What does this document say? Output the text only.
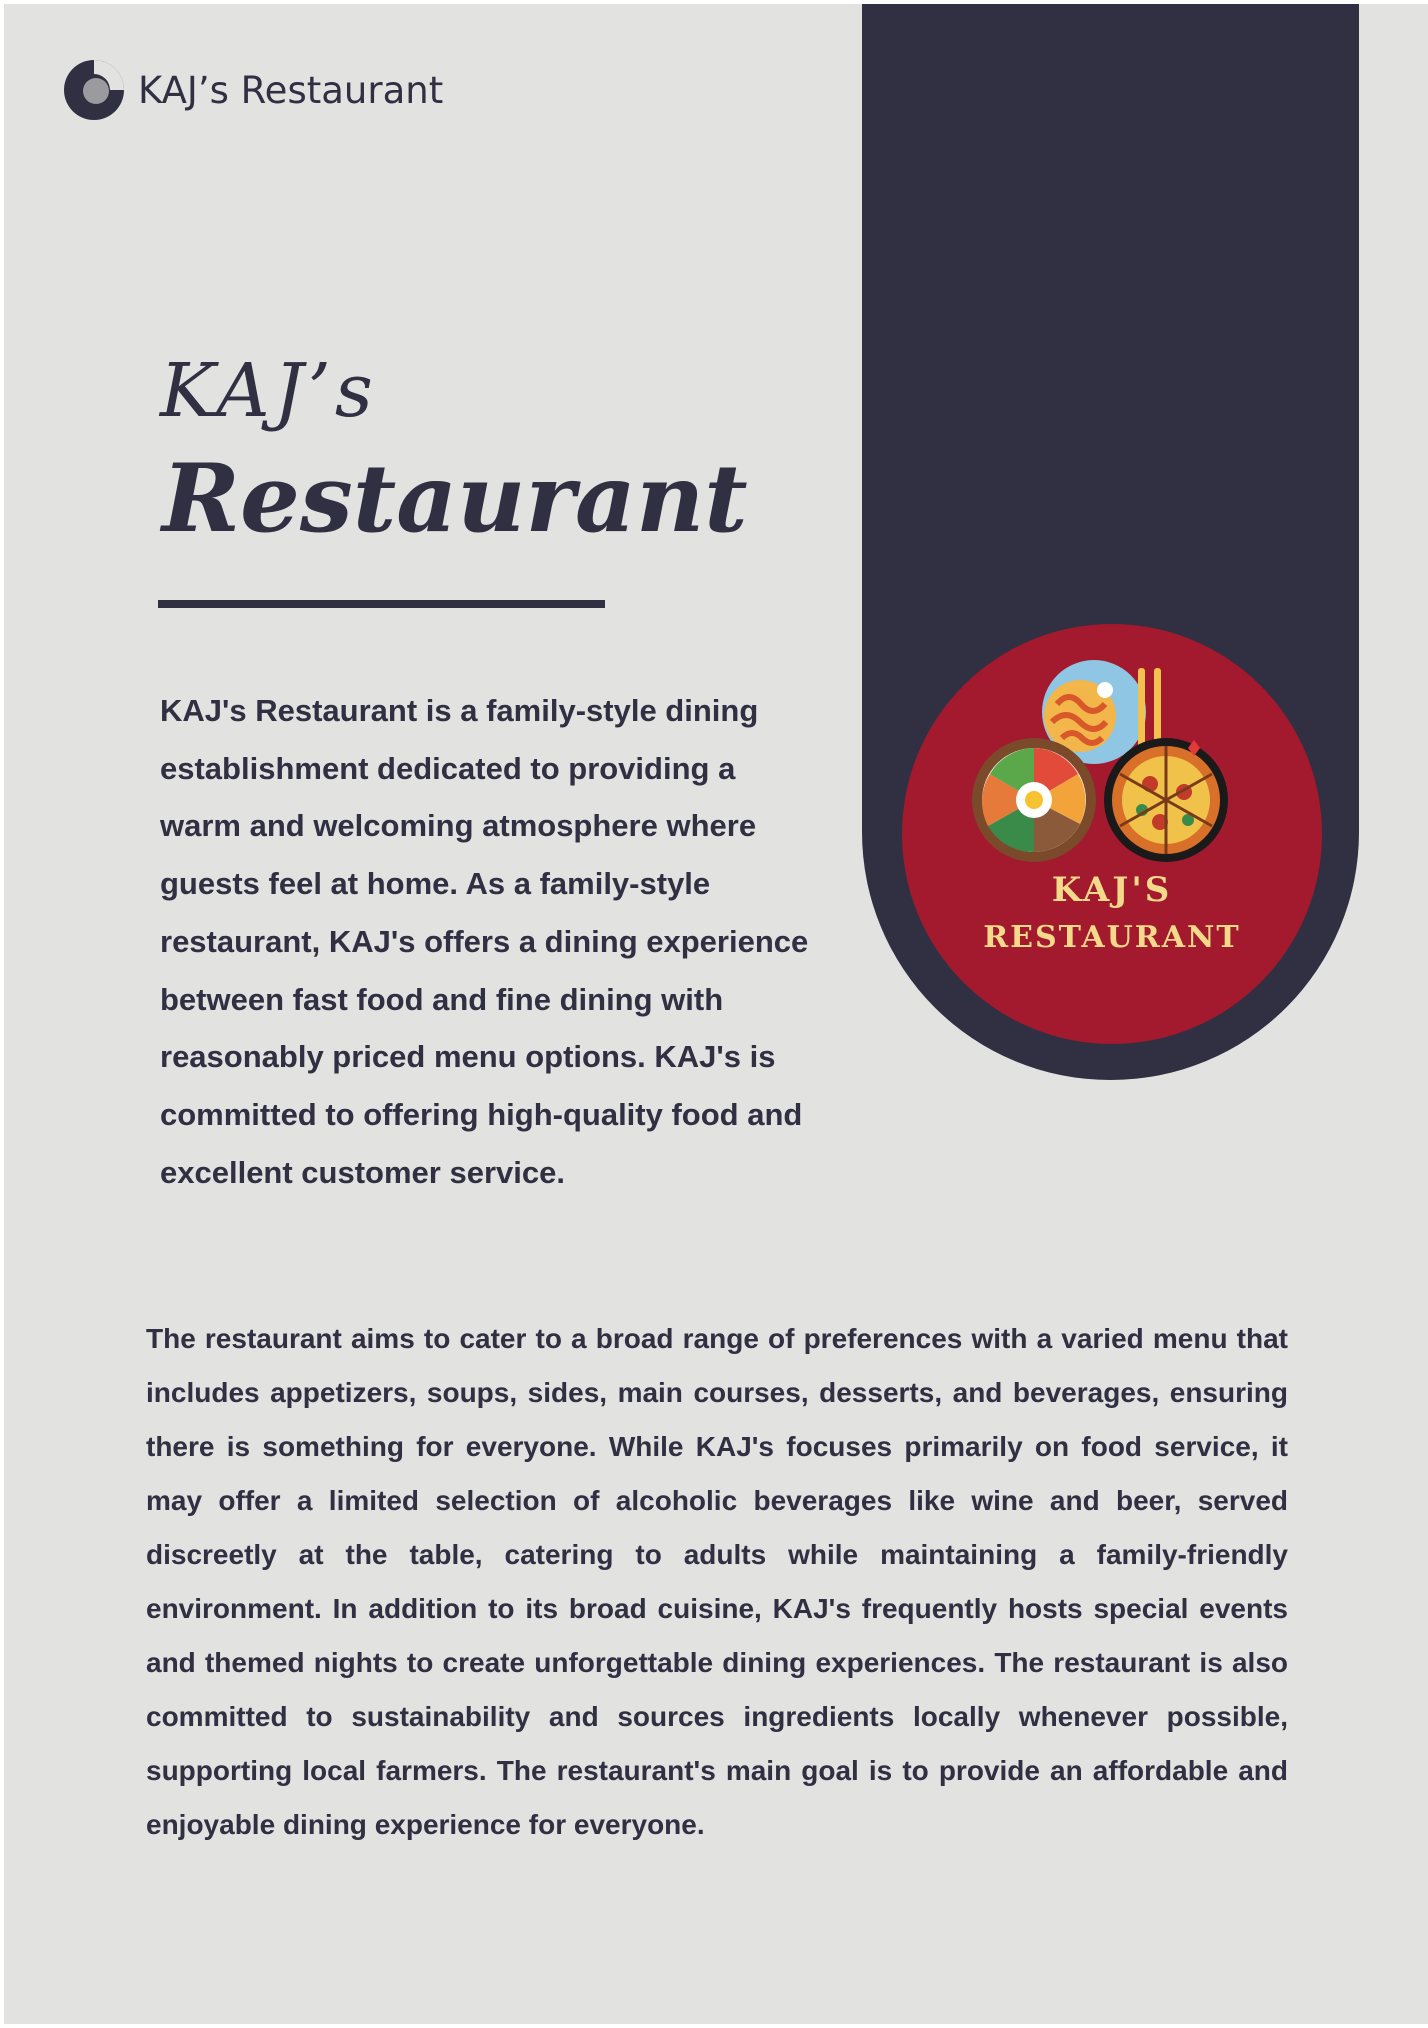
KAJ’s Restaurant
KAJ’s
Restaurant
KAJ's Restaurant is a family-style dining establishment dedicated to providing a warm and welcoming atmosphere where guests feel at home. As a family-style restaurant, KAJ's offers a dining experience between fast food and fine dining with reasonably priced menu options. KAJ's is committed to offering high-quality food and excellent customer service.
KAJ'S
RESTAURANT
The restaurant aims to cater to a broad range of preferences with a varied menu that includes appetizers, soups, sides, main courses, desserts, and beverages, ensuring there is something for everyone. While KAJ's focuses primarily on food service, it may offer a limited selection of alcoholic beverages like wine and beer, served discreetly at the table, catering to adults while maintaining a family-friendly environment. In addition to its broad cuisine, KAJ's frequently hosts special events and themed nights to create unforgettable dining experiences. The restaurant is also committed to sustainability and sources ingredients locally whenever possible, supporting local farmers. The restaurant's main goal is to provide an affordable and enjoyable dining experience for everyone.
